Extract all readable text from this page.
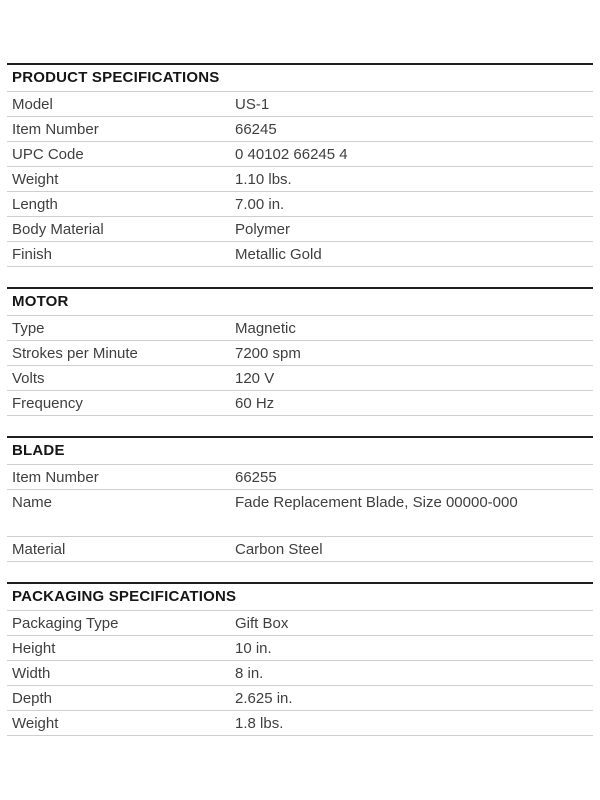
PRODUCT SPECIFICATIONS
Model	US-1
Item Number	66245
UPC Code	0 40102 66245 4
Weight	1.10 lbs.
Length	7.00 in.
Body Material	Polymer
Finish	Metallic Gold
MOTOR
Type	Magnetic
Strokes per Minute	7200 spm
Volts	120 V
Frequency	60 Hz
BLADE
Item Number	66255
Name	Fade Replacement Blade, Size 00000-000
Material	Carbon Steel
PACKAGING SPECIFICATIONS
Packaging Type	Gift Box
Height	10 in.
Width	8 in.
Depth	2.625 in.
Weight	1.8 lbs.
